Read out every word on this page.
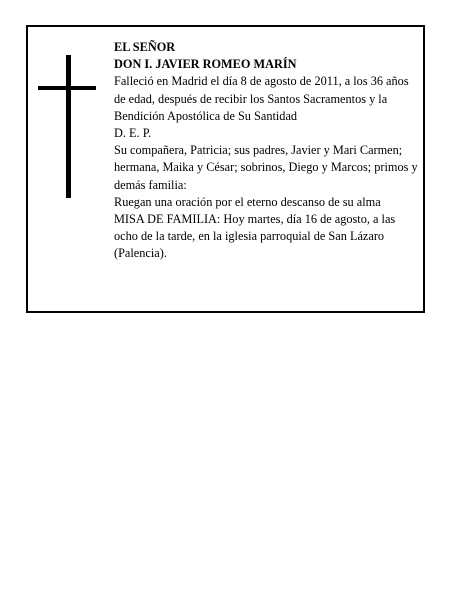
EL SEÑOR

DON I. JAVIER ROMEO MARÍN

Falleció en Madrid el día 8 de agosto de 2011, a los 36 años de edad, después de recibir los Santos Sacramentos y la Bendición Apostólica de Su Santidad

D. E. P.

Su compañera, Patricia; sus padres, Javier y Mari Carmen; hermana, Maika y César; sobrinos, Diego y Marcos; primos y demás familia:

Ruegan una oración por el eterno descanso de su alma

MISA DE FAMILIA: Hoy martes, día 16 de agosto, a las ocho de la tarde, en la iglesia parroquial de San Lázaro (Palencia).
